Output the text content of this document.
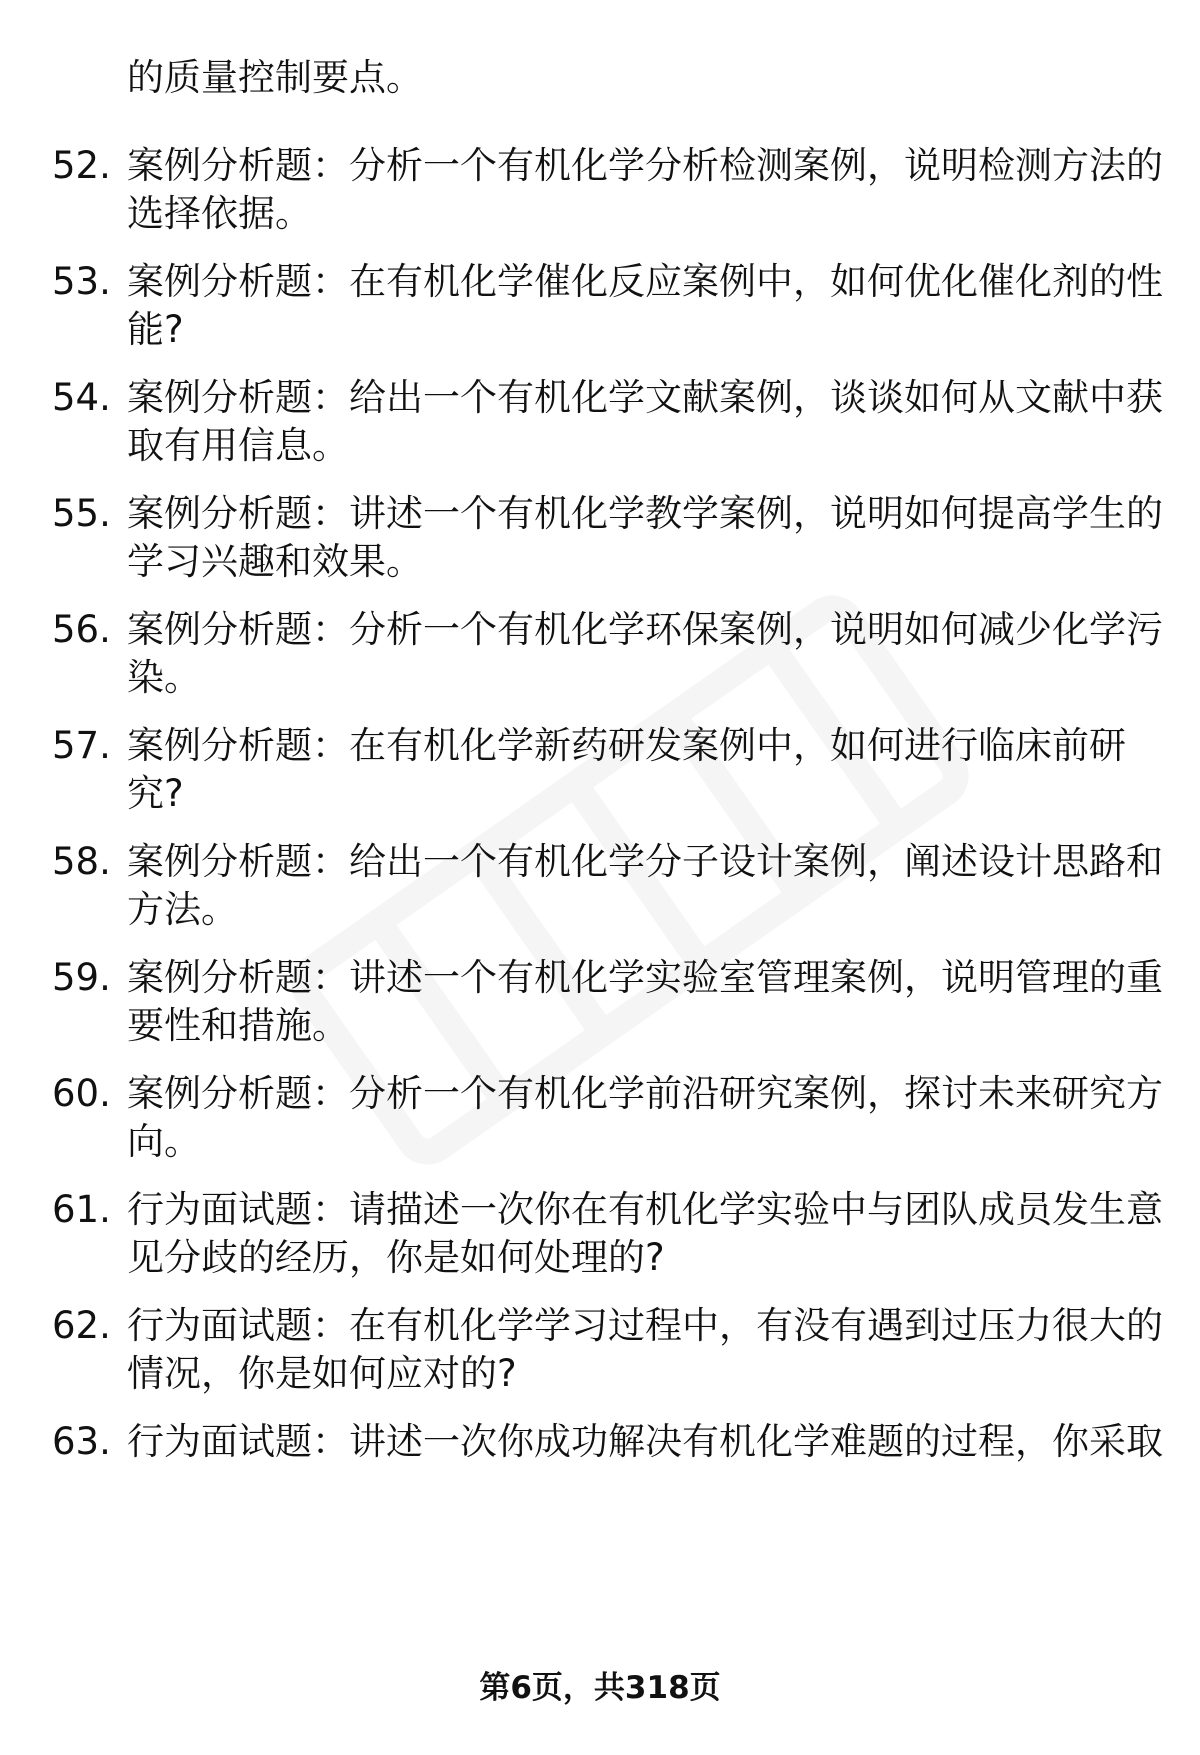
的质量控制要点。
52. 案例分析题：分析一个有机化学分析检测案例，说明检测方法的
选择依据。
53. 案例分析题：在有机化学催化反应案例中，如何优化催化剂的性
能?
54. 案例分析题：给出一个有机化学文献案例，谈谈如何从文献中获
取有用信息。
55. 案例分析题：讲述一个有机化学教学案例，说明如何提高学生的
学习兴趣和效果。
56. 案例分析题：分析一个有机化学环保案例，说明如何减少化学污
染。
57. 案例分析题：在有机化学新药研发案例中，如何进行临床前研
究?
58. 案例分析题：给出一个有机化学分子设计案例，阐述设计思路和
方法。
59. 案例分析题：讲述一个有机化学实验室管理案例，说明管理的重
要性和措施。
60. 案例分析题：分析一个有机化学前沿研究案例，探讨未来研究方
向。
61. 行为面试题：请描述一次你在有机化学实验中与团队成员发生意
见分歧的经历，你是如何处理的?
62. 行为面试题：在有机化学学习过程中，有没有遇到过压力很大的
情况，你是如何应对的?
63. 行为面试题：讲述一次你成功解决有机化学难题的过程，你采取
第6页，共318页
